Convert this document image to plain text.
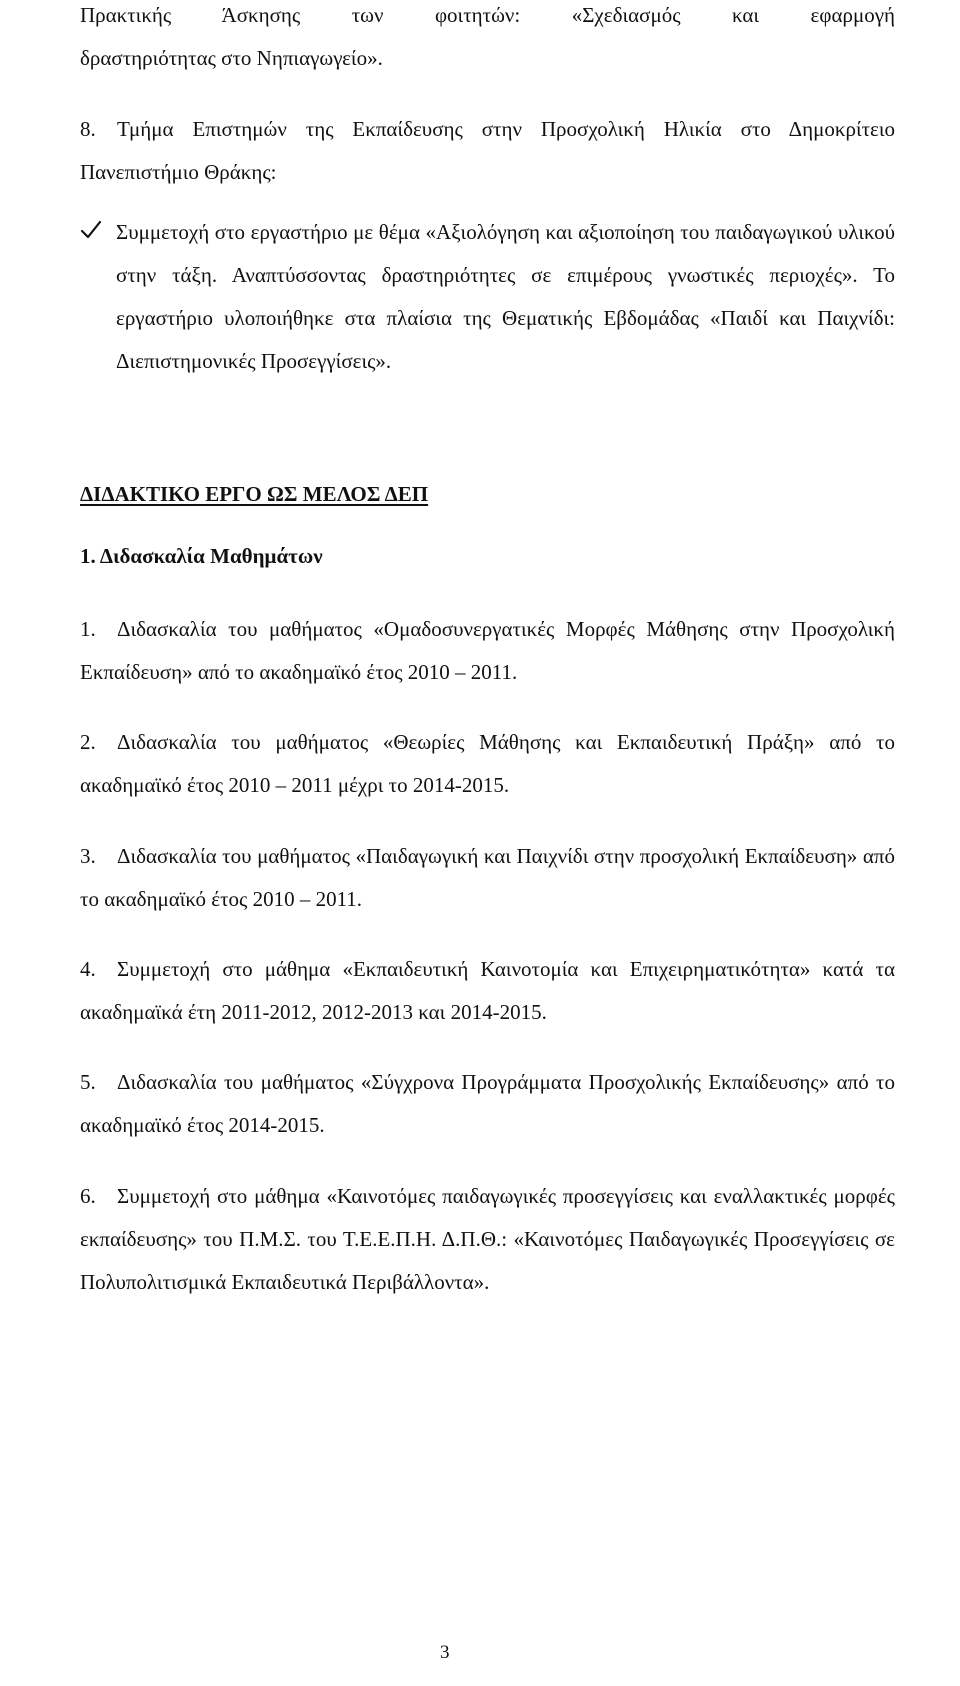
Πρακτικής Άσκησης των φοιτητών: «Σχεδιασμός και εφαρμογή
δραστηριότητας στο Νηπιαγωγείο».

8. Τμήμα Επιστημών της Εκπαίδευσης στην Προσχολική Ηλικία στο Δημοκρίτειο Πανεπιστήμιο Θράκης:

Συμμετοχή στο εργαστήριο με θέμα «Αξιολόγηση και αξιοποίηση του παιδαγωγικού υλικού στην τάξη. Αναπτύσσοντας δραστηριότητες σε επιμέρους γνωστικές περιοχές». Το εργαστήριο υλοποιήθηκε στα πλαίσια της Θεματικής Εβδομάδας «Παιδί και Παιχνίδι: Διεπιστημονικές Προσεγγίσεις».

ΔΙΔΑΚΤΙΚΟ ΕΡΓΟ ΩΣ ΜΕΛΟΣ ΔΕΠ

1. Διδασκαλία Μαθημάτων

1. Διδασκαλία του μαθήματος «Ομαδοσυνεργατικές Μορφές Μάθησης στην Προσχολική Εκπαίδευση» από το ακαδημαϊκό έτος 2010 – 2011.

2. Διδασκαλία του μαθήματος «Θεωρίες Μάθησης και Εκπαιδευτική Πράξη» από το ακαδημαϊκό έτος 2010 – 2011 μέχρι το 2014-2015.

3. Διδασκαλία του μαθήματος «Παιδαγωγική και Παιχνίδι στην προσχολική Εκπαίδευση» από το ακαδημαϊκό έτος 2010 – 2011.

4. Συμμετοχή στο μάθημα «Εκπαιδευτική Καινοτομία και Επιχειρηματικότητα» κατά τα ακαδημαϊκά έτη 2011-2012, 2012-2013 και 2014-2015.

5. Διδασκαλία του μαθήματος «Σύγχρονα Προγράμματα Προσχολικής Εκπαίδευσης» από το ακαδημαϊκό έτος 2014-2015.

6. Συμμετοχή στο μάθημα «Καινοτόμες παιδαγωγικές προσεγγίσεις και εναλλακτικές μορφές εκπαίδευσης» του Π.Μ.Σ. του Τ.Ε.Ε.Π.Η. Δ.Π.Θ.: «Καινοτόμες Παιδαγωγικές Προσεγγίσεις σε Πολυπολιτισμικά Εκπαιδευτικά Περιβάλλοντα».

3
